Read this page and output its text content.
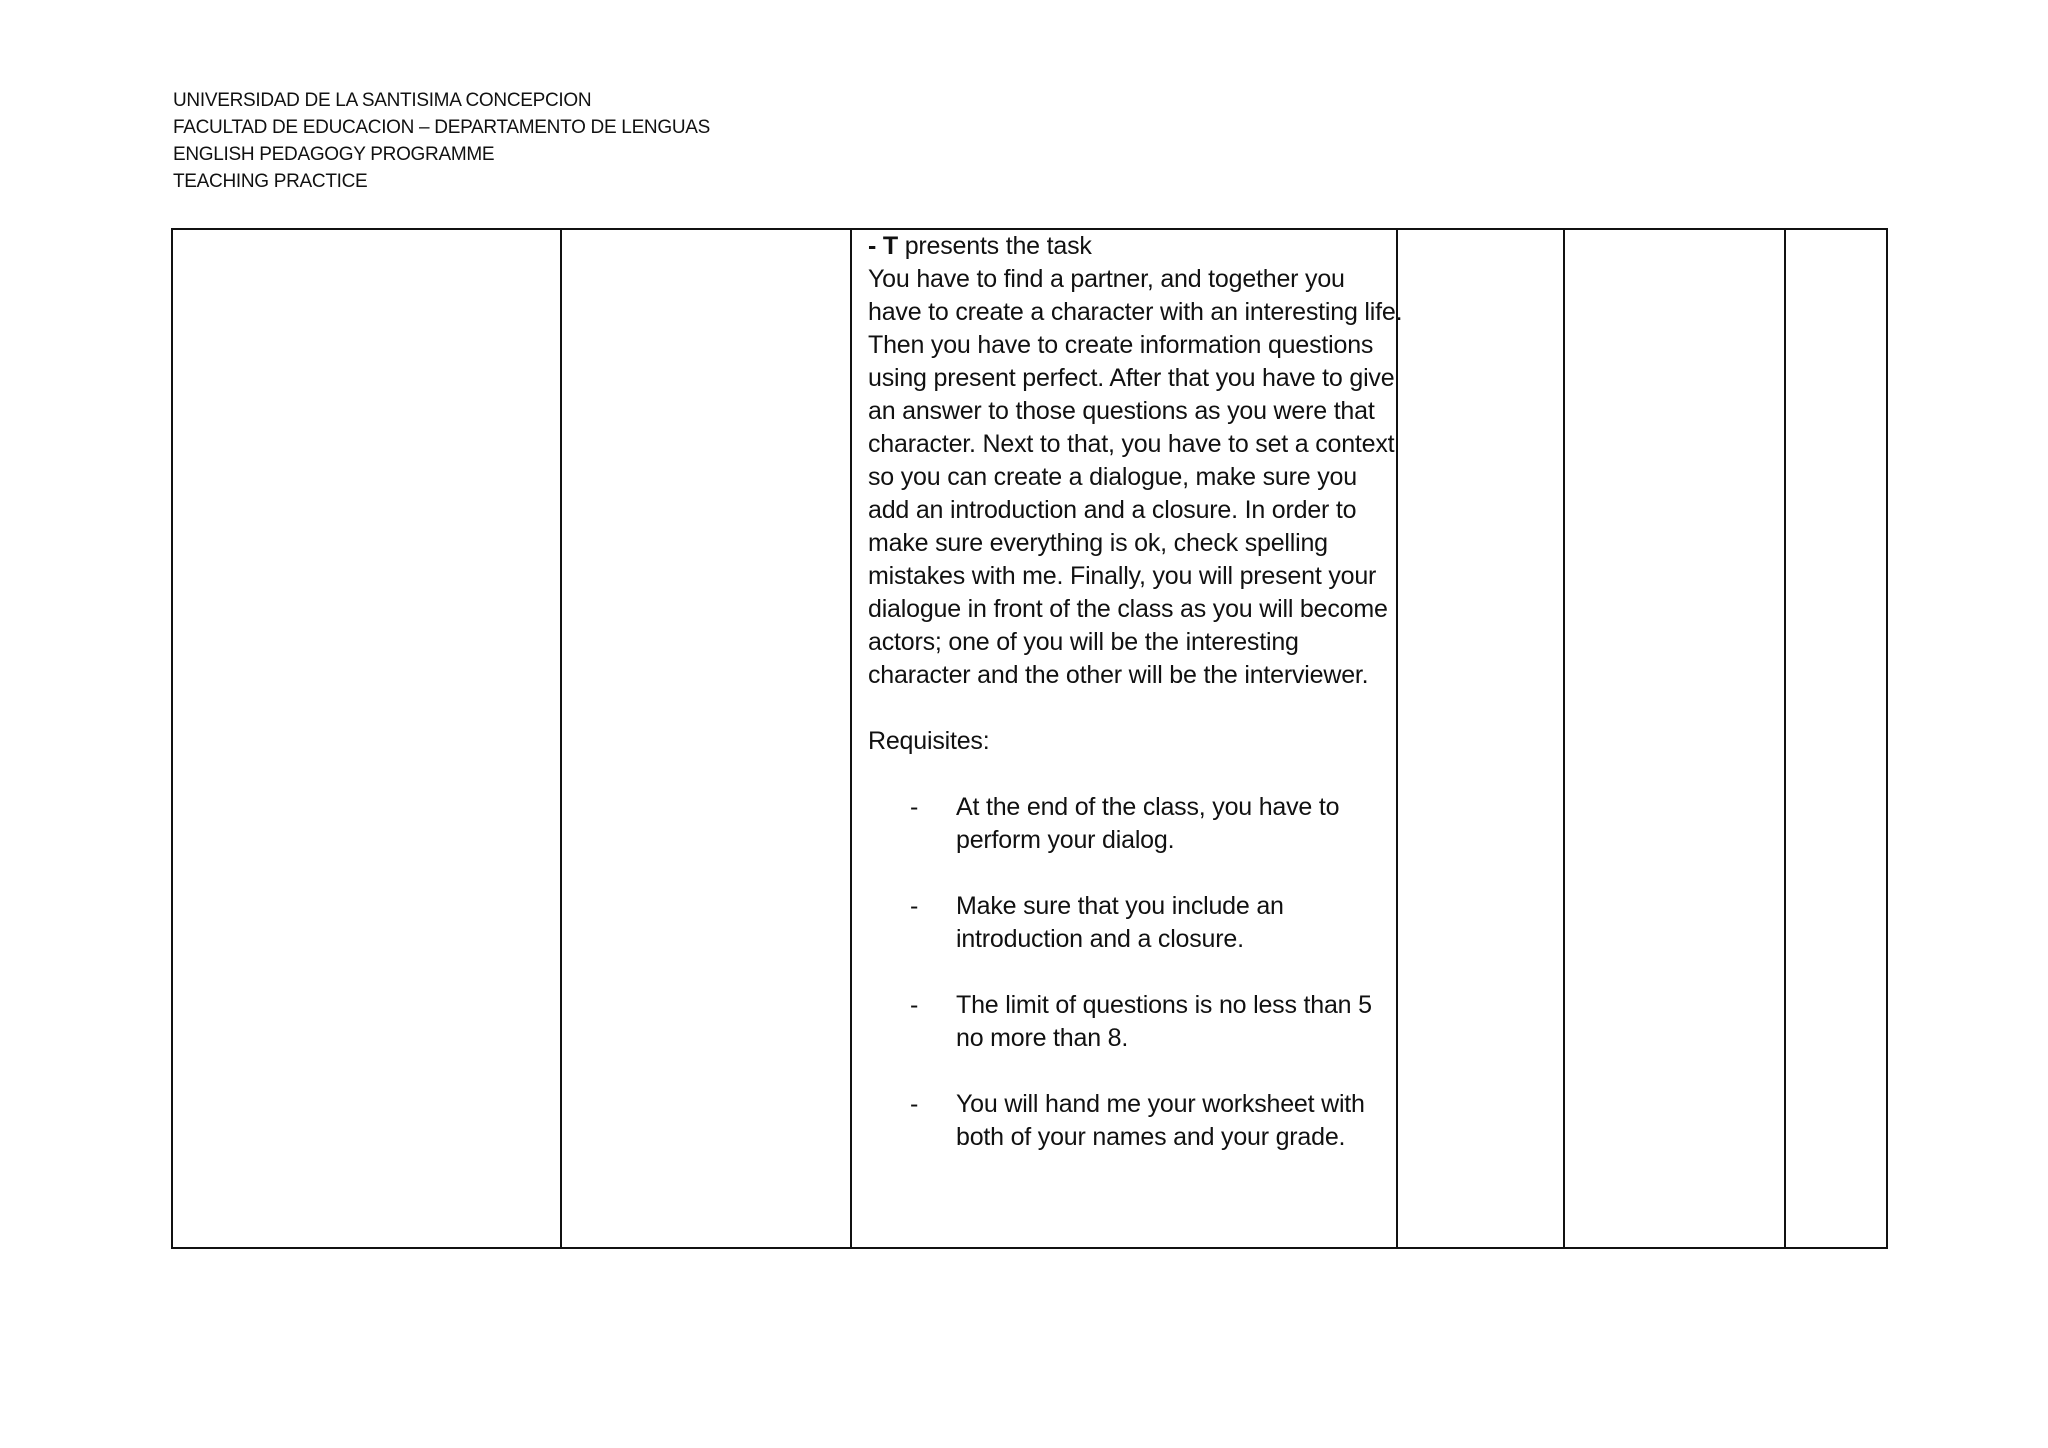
UNIVERSIDAD DE LA SANTISIMA CONCEPCION
FACULTAD DE EDUCACION – DEPARTAMENTO DE LENGUAS
ENGLISH PEDAGOGY PROGRAMME
TEACHING PRACTICE

- T presents the task

You have to find a partner, and together you have to create a character with an interesting life. Then you have to create information questions using present perfect. After that you have to give an answer to those questions as you were that character. Next to that, you have to set a context so you can create a dialogue, make sure you add an introduction and a closure. In order to make sure everything is ok, check spelling mistakes with me. Finally, you will present your dialogue in front of the class as you will become actors; one of you will be the interesting character and the other will be the interviewer.

Requisites:

- At the end of the class, you have to perform your dialog.
- Make sure that you include an introduction and a closure.
- The limit of questions is no less than 5 no more than 8.
- You will hand me your worksheet with both of your names and your grade.
